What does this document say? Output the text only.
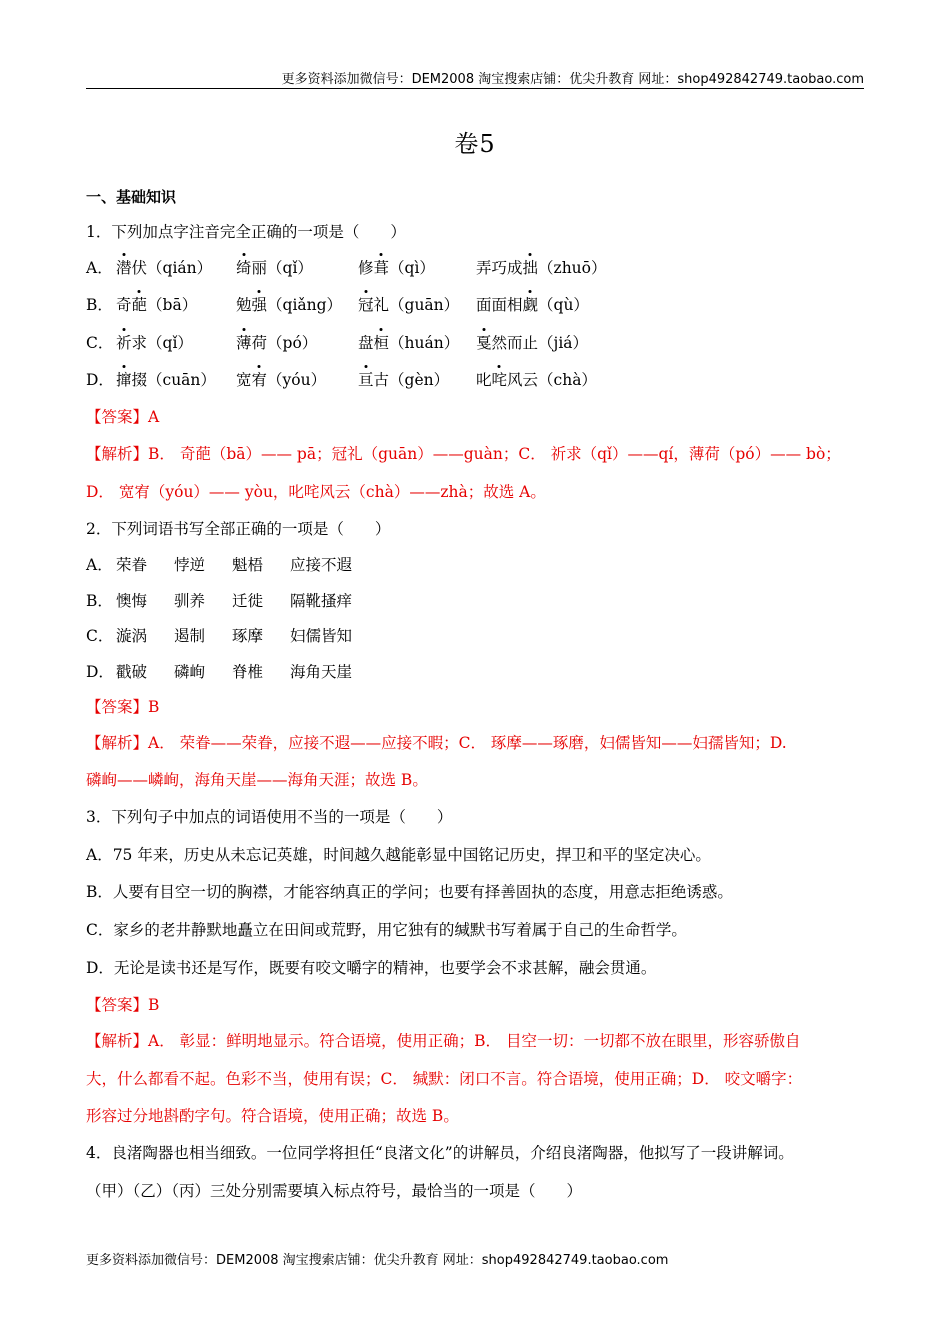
更多资料添加微信号：DEM2008 淘宝搜索店铺：优尖升教育 网址：shop492842749.taobao.com
卷5
一、基础知识
1．下列加点字注音完全正确的一项是（　　）
A． 潜伏（qián） 绮丽（qǐ）	修葺（qì）	弄巧成拙（zhuō）
B． 奇葩（bā）	勉强（qiǎng） 冠礼（guān） 面面相觑（qù）
C． 祈求（qǐ）	薄荷（pó）	盘桓（huán） 戛然而止（jiá）
D． 撺掇（cuān） 宽宥（yóu） 亘古（gèn） 叱咤风云（chà）
【答案】A
【解析】B． 奇葩（bā）—— pā；冠礼（guān）——guàn；C． 祈求（qǐ）——qí，薄荷（pó）—— bò；
D． 宽宥（yóu）—— yòu，叱咤风云（chà）——zhà；故选 A。
2．下列词语书写全部正确的一项是（　　）
A． 荣眷 悖逆 魁梧 应接不遐
B． 懊悔 驯养 迁徙 隔靴搔痒
C． 漩涡 遏制 琢摩 妇儒皆知
D． 戳破 磷峋 脊椎 海角天崖
【答案】B
【解析】A． 荣眷——荣眷，应接不遐——应接不暇；C． 琢摩——琢磨，妇儒皆知——妇孺皆知；D.
磷峋——嶙峋，海角天崖——海角天涯；故选 B。
3．下列句子中加点的词语使用不当的一项是（　　）
A．75 年来，历史从未忘记英雄，时间越久越能彰显中国铭记历史，捍卫和平的坚定决心。
B．人要有目空一切的胸襟，才能容纳真正的学问；也要有择善固执的态度，用意志拒绝诱惑。
C．家乡的老井静默地矗立在田间或荒野，用它独有的缄默书写着属于自己的生命哲学。
D．无论是读书还是写作，既要有咬文嚼字的精神，也要学会不求甚解，融会贯通。
【答案】B
【解析】A． 彰显：鲜明地显示。符合语境，使用正确；B． 目空一切：一切都不放在眼里，形容骄傲自
大，什么都看不起。色彩不当，使用有误；C． 缄默：闭口不言。符合语境，使用正确；D． 咬文嚼字：
形容过分地斟酌字句。符合语境，使用正确；故选 B。
4．良渚陶器也相当细致。一位同学将担任“良渚文化”的讲解员，介绍良渚陶器，他拟写了一段讲解词。
（甲）（乙）（丙）三处分别需要填入标点符号，最恰当的一项是（　　）
更多资料添加微信号：DEM2008 淘宝搜索店铺：优尖升教育 网址：shop492842749.taobao.com
